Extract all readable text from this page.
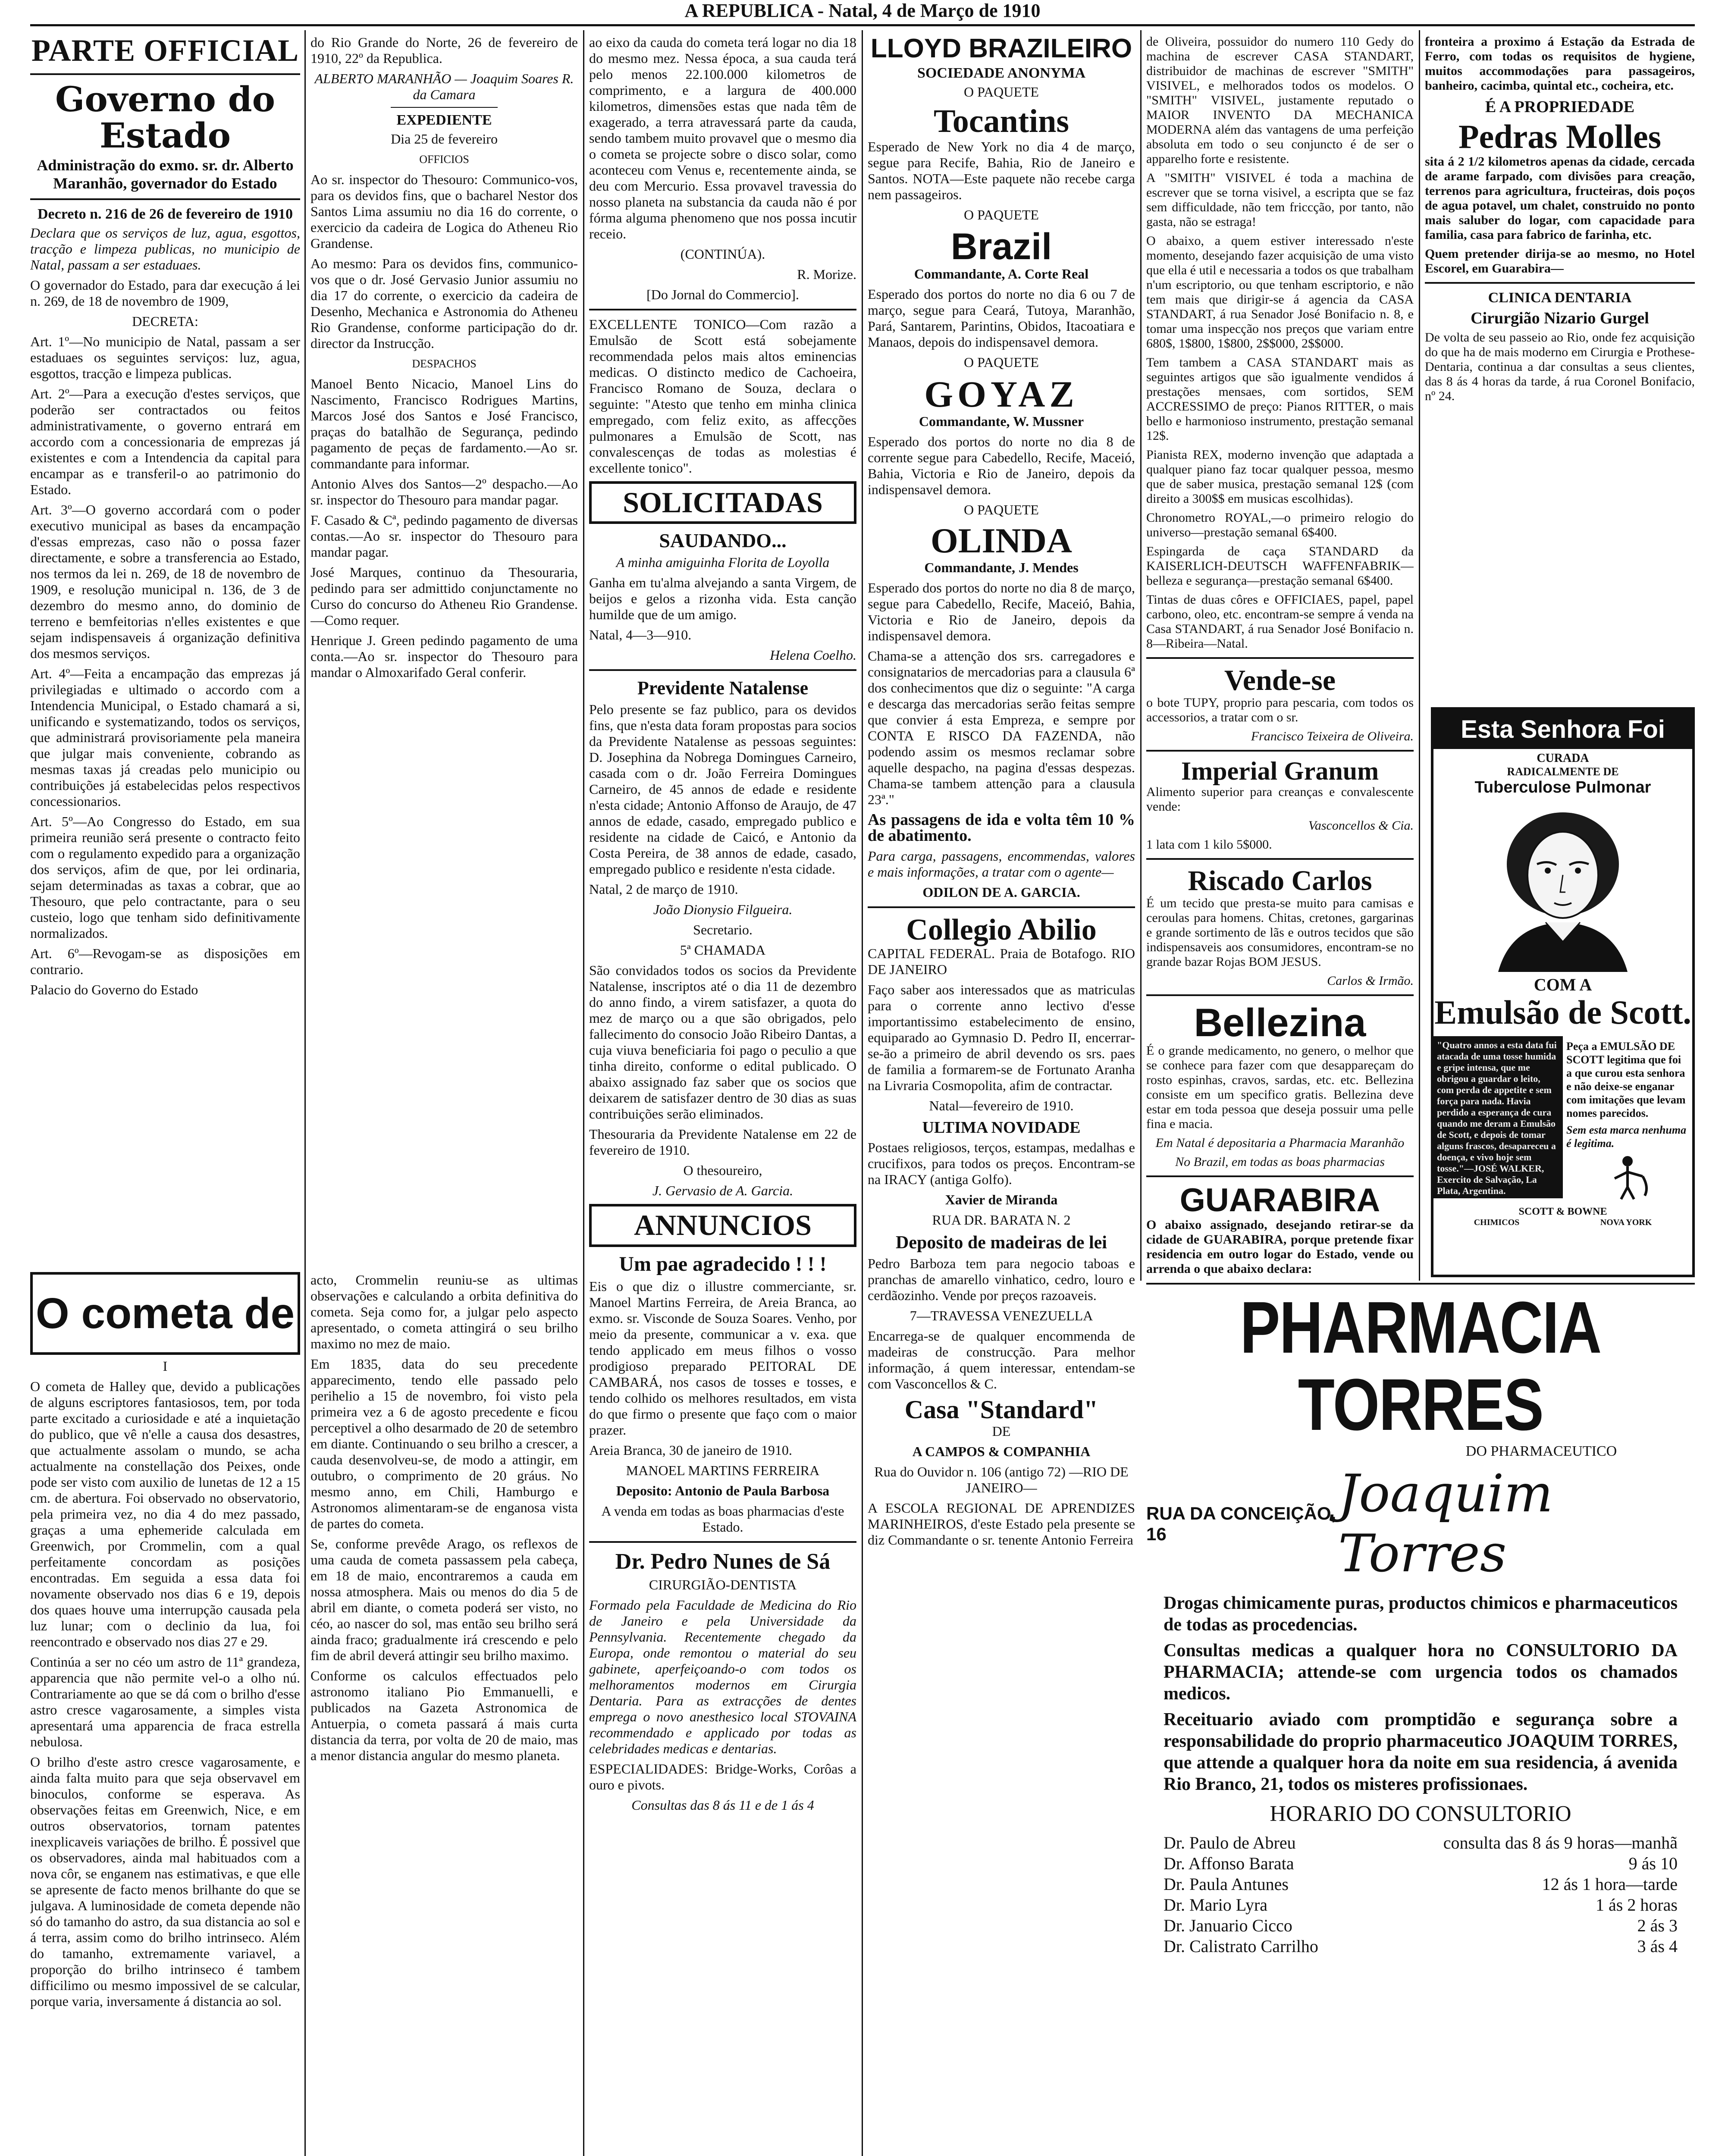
A REPUBLICA - Natal, 4 de Março de 1910
PARTE OFFICIAL
Governo do Estado
Administração do exmo. sr. dr. Alberto Maranhão, governador do Estado
Decreto n. 216 de 26 de fevereiro de 1910

Declara que os serviços de luz, agua, esgottos, tracção e limpeza publicas, no municipio de Natal, passam a ser estaduaes.

O governador do Estado, para dar execução á lei n. 269, de 18 de novembro de 1909,

DECRETA:

Art. 1º—No municipio de Natal, passam a ser estaduaes os seguintes serviços: luz, agua, esgottos, tracção e limpeza publicas.

Art. 2º—Para a execução d'estes serviços, que poderão ser contractados ou feitos administrativamente, o governo entrará em accordo com a concessionaria de emprezas já existentes e com a Intendencia da capital para encampar as e transferil-o ao patrimonio do Estado.

Art. 3º—O governo accordará com o poder executivo municipal as bases da encampação d'essas emprezas, caso não o possa fazer directamente, e sobre a transferencia ao Estado, nos termos da lei n. 269, de 18 de novembro de 1909, e resolução municipal n. 136, de 3 de dezembro do mesmo anno, do dominio de terreno e bemfeitorias n'elles existentes e que sejam indispensaveis á organização definitiva dos mesmos serviços.

Art. 4º—Feita a encampação das emprezas já privilegiadas e ultimado o accordo com a Intendencia Municipal, o Estado chamará a si, unificando e systematizando, todos os serviços, que administrará provisoriamente pela maneira que julgar mais conveniente, cobrando as mesmas taxas já creadas pelo municipio ou contribuições já estabelecidas pelos respectivos concessionarios.

Art. 5º—Ao Congresso do Estado, em sua primeira reunião será presente o contracto feito com o regulamento expedido para a organização dos serviços, afim de que, por lei ordinaria, sejam determinadas as taxas a cobrar, que ao Thesouro, que pelo contractante, para o seu custeio, logo que tenham sido definitivamente normalizados.

Art. 6º—Revogam-se as disposições em contrario.

Palacio do Governo do Estado

O cometa de

I

O cometa de Halley que, devido a publicações de alguns escriptores fantasiosos, tem, por toda parte excitado a curiosidade e até a inquietação do publico, que vê n'elle a causa dos desastres, que actualmente assolam o mundo, se acha actualmente na constellação dos Peixes, onde pode ser visto com auxilio de lunetas de 12 a 15 cm. de abertura. Foi observado no observatorio, pela primeira vez, no dia 4 do mez passado, graças a uma ephemeride calculada em Greenwich, por Crommelin, com a qual perfeitamente concordam as posições encontradas. Em seguida a essa data foi novamente observado nos dias 6 e 19, depois dos quaes houve uma interrupção causada pela luz lunar; com o declinio da lua, foi reencontrado e observado nos dias 27 e 29.

Continúa a ser no céo um astro de 11ª grandeza, apparencia que não permite vel-o a olho nú. Contrariamente ao que se dá com o brilho d'esse astro cresce vagarosamente, a simples vista apresentará uma apparencia de fraca estrella nebulosa.

O brilho d'este astro cresce vagarosamente, e ainda falta muito para que seja observavel em binoculos, conforme se esperava. As observações feitas em Greenwich, Nice, e em outros observatorios, tornam patentes inexplicaveis variações de brilho. É possivel que os observadores, ainda mal habituados com a nova côr, se enganem nas estimativas, e que elle se apresente de facto menos brilhante do que se julgava. A luminosidade de cometa depende não só do tamanho do astro, da sua distancia ao sol e á terra, assim como do brilho intrinseco. Além do tamanho, extremamente variavel, a proporção do brilho intrinseco é tambem difficilimo ou mesmo impossivel de se calcular, porque varia, inversamente á distancia ao sol.

do Rio Grande do Norte, 26 de fevereiro de 1910, 22º da Republica.

ALBERTO MARANHÃO — Joaquim Soares R. da Camara

EXPEDIENTE

Dia 25 de fevereiro

OFFICIOS

Ao sr. inspector do Thesouro: Communico-vos, para os devidos fins, que o bacharel Nestor dos Santos Lima assumiu no dia 16 do corrente, o exercicio da cadeira de Logica do Atheneu Rio Grandense.

Ao mesmo: Para os devidos fins, communico-vos que o dr. José Gervasio Junior assumiu no dia 17 do corrente, o exercicio da cadeira de Desenho, Mechanica e Astronomia do Atheneu Rio Grandense, conforme participação do dr. director da Instrucção.

DESPACHOS

Manoel Bento Nicacio, Manoel Lins do Nascimento, Francisco Rodrigues Martins, Marcos José dos Santos e José Francisco, praças do batalhão de Segurança, pedindo pagamento de peças de fardamento.—Ao sr. commandante para informar.

Antonio Alves dos Santos—2º despacho.—Ao sr. inspector do Thesouro para mandar pagar.

F. Casado & Cª, pedindo pagamento de diversas contas.—Ao sr. inspector do Thesouro para mandar pagar.

José Marques, continuo da Thesouraria, pedindo para ser admittido conjunctamente no Curso do concurso do Atheneu Rio Grandense.—Como requer.

Henrique J. Green pedindo pagamento de uma conta.—Ao sr. inspector do Thesouro para mandar o Almoxarifado Geral conferir.

acto, Crommelin reuniu-se as ultimas observações e calculando a orbita definitiva do cometa. Seja como for, a julgar pelo aspecto apresentado, o cometa attingirá o seu brilho maximo no mez de maio.

Em 1835, data do seu precedente apparecimento, tendo elle passado pelo perihelio a 15 de novembro, foi visto pela primeira vez a 6 de agosto precedente e ficou perceptivel a olho desarmado de 20 de setembro em diante. Continuando o seu brilho a crescer, a cauda desenvolveu-se, de modo a attingir, em outubro, o comprimento de 20 gráus. No mesmo anno, em Chili, Hamburgo e Astronomos alimentaram-se de enganosa vista de partes do cometa.

Se, conforme prevêde Arago, os reflexos de uma cauda de cometa passassem pela cabeça, em 18 de maio, encontraremos a cauda em nossa atmosphera. Mais ou menos do dia 5 de abril em diante, o cometa poderá ser visto, no céo, ao nascer do sol, mas então seu brilho será ainda fraco; gradualmente irá crescendo e pelo fim de abril deverá attingir seu brilho maximo.

Conforme os calculos effectuados pelo astronomo italiano Pio Emmanuelli, e publicados na Gazeta Astronomica de Antuerpia, o cometa passará á mais curta distancia da terra, por volta de 20 de maio, mas a menor distancia angular do mesmo planeta.

ao eixo da cauda do cometa terá logar no dia 18 do mesmo mez. Nessa época, a sua cauda terá pelo menos 22.100.000 kilometros de comprimento, e a largura de 400.000 kilometros, dimensões estas que nada têm de exagerado, a terra atravessará parte da cauda, sendo tambem muito provavel que o mesmo dia o cometa se projecte sobre o disco solar, como aconteceu com Venus e, recentemente ainda, se deu com Mercurio. Essa provavel travessia do nosso planeta na substancia da cauda não é por fórma alguma phenomeno que nos possa incutir receio.

(CONTINÚA).

R. Morize.

[Do Jornal do Commercio].

EXCELLENTE TONICO—Com razão a Emulsão de Scott está sobejamente recommendada pelos mais altos eminencias medicas. O distincto medico de Cachoeira, Francisco Romano de Souza, declara o seguinte: "Atesto que tenho em minha clinica empregado, com feliz exito, as affecções pulmonares a Emulsão de Scott, nas convalescenças de todas as molestias é excellente tonico".

SOLICITADAS
SAUDANDO...

A minha amiguinha Florita de Loyolla

Ganha em tu'alma alvejando a santa Virgem, de beijos e gelos a rizonha vida. Esta canção humilde que de um amigo.

Natal, 4—3—910.

Helena Coelho.

Previdente Natalense

Pelo presente se faz publico, para os devidos fins, que n'esta data foram propostas para socios da Previdente Natalense as pessoas seguintes: D. Josephina da Nobrega Domingues Carneiro, casada com o dr. João Ferreira Domingues Carneiro, de 45 annos de edade e residente n'esta cidade; Antonio Affonso de Araujo, de 47 annos de edade, casado, empregado publico e residente na cidade de Caicó, e Antonio da Costa Pereira, de 38 annos de edade, casado, empregado publico e residente n'esta cidade.

Natal, 2 de março de 1910.

João Dionysio Filgueira.

Secretario.

5ª CHAMADA

São convidados todos os socios da Previdente Natalense, inscriptos até o dia 11 de dezembro do anno findo, a virem satisfazer, a quota do mez de março ou a que são obrigados, pelo fallecimento do consocio João Ribeiro Dantas, a cuja viuva beneficiaria foi pago o peculio a que tinha direito, conforme o edital publicado. O abaixo assignado faz saber que os socios que deixarem de satisfazer dentro de 30 dias as suas contribuições serão eliminados.

Thesouraria da Previdente Natalense em 22 de fevereiro de 1910.

O thesoureiro,

J. Gervasio de A. Garcia.

ANNUNCIOS
Um pae agradecido ! ! !

Eis o que diz o illustre commerciante, sr. Manoel Martins Ferreira, de Areia Branca, ao exmo. sr. Visconde de Souza Soares. Venho, por meio da presente, communicar a v. exa. que tendo applicado em meus filhos o vosso prodigioso preparado PEITORAL DE CAMBARÁ, nos casos de tosses e tosses, e tendo colhido os melhores resultados, em vista do que firmo o presente que faço com o maior prazer.

Areia Branca, 30 de janeiro de 1910.

MANOEL MARTINS FERREIRA

Deposito: Antonio de Paula Barbosa

A venda em todas as boas pharmacias d'este Estado.

Dr. Pedro Nunes de Sá

CIRURGIÃO-DENTISTA

Formado pela Faculdade de Medicina do Rio de Janeiro e pela Universidade da Pennsylvania. Recentemente chegado da Europa, onde remontou o material do seu gabinete, aperfeiçoando-o com todos os melhoramentos modernos em Cirurgia Dentaria. Para as extracções de dentes emprega o novo anesthesico local STOVAINA recommendado e applicado por todas as celebridades medicas e dentarias.

ESPECIALIDADES: Bridge-Works, Corôas a ouro e pivots.

Consultas das 8 ás 11 e de 1 ás 4

LLOYD BRAZILEIRO
SOCIEDADE ANONYMA

O PAQUETE

Tocantins

Esperado de New York no dia 4 de março, segue para Recife, Bahia, Rio de Janeiro e Santos. NOTA—Este paquete não recebe carga nem passageiros.

O PAQUETE

Brazil

Commandante, A. Corte Real

Esperado dos portos do norte no dia 6 ou 7 de março, segue para Ceará, Tutoya, Maranhão, Pará, Santarem, Parintins, Obidos, Itacoatiara e Manaos, depois do indispensavel demora.

O PAQUETE

GOYAZ

Commandante, W. Mussner

Esperado dos portos do norte no dia 8 de corrente segue para Cabedello, Recife, Maceió, Bahia, Victoria e Rio de Janeiro, depois da indispensavel demora.

O PAQUETE

OLINDA

Commandante, J. Mendes

Esperado dos portos do norte no dia 8 de março, segue para Cabedello, Recife, Maceió, Bahia, Victoria e Rio de Janeiro, depois da indispensavel demora.

Chama-se a attenção dos srs. carregadores e consignatarios de mercadorias para a clausula 6ª dos conhecimentos que diz o seguinte: "A carga e descarga das mercadorias serão feitas sempre que convier á esta Empreza, e sempre por CONTA E RISCO DA FAZENDA, não podendo assim os mesmos reclamar sobre aquelle despacho, na pagina d'essas despezas. Chama-se tambem attenção para a clausula 23ª."

As passagens de ida e volta têm 10 % de abatimento.

Para carga, passagens, encommendas, valores e mais informações, a tratar com o agente—

ODILON DE A. GARCIA.

Collegio Abilio

CAPITAL FEDERAL. Praia de Botafogo. RIO DE JANEIRO

Faço saber aos interessados que as matriculas para o corrente anno lectivo d'esse importantissimo estabelecimento de ensino, equiparado ao Gymnasio D. Pedro II, encerrar-se-ão a primeiro de abril devendo os srs. paes de familia a formarem-se de Fortunato Aranha na Livraria Cosmopolita, afim de contractar.

Natal—fevereiro de 1910.

ULTIMA NOVIDADE

Postaes religiosos, terços, estampas, medalhas e crucifixos, para todos os preços. Encontram-se na IRACY (antiga Golfo).

Xavier de Miranda

RUA DR. BARATA N. 2

Deposito de madeiras de lei

Pedro Barboza tem para negocio taboas e pranchas de amarello vinhatico, cedro, louro e cerdãozinho. Vende por preços razoaveis.

7—TRAVESSA VENEZUELLA

Encarrega-se de qualquer encommenda de madeiras de construcção. Para melhor informação, á quem interessar, entendam-se com Vasconcellos & C.

Casa "Standard"

DE

A CAMPOS & COMPANHIA

Rua do Ouvidor n. 106 (antigo 72) —RIO DE JANEIRO—

A ESCOLA REGIONAL DE APRENDIZES MARINHEIROS, d'este Estado pela presente se diz Commandante o sr. tenente Antonio Ferreira

de Oliveira, possuidor do numero 110 Gedy do machina de escrever CASA STANDART, distribuidor de machinas de escrever "SMITH" VISIVEL, e melhorados todos os modelos. O "SMITH" VISIVEL, justamente reputado o MAIOR INVENTO DA MECHANICA MODERNA além das vantagens de uma perfeição absoluta em todo o seu conjuncto é de ser o apparelho forte e resistente.

A "SMITH" VISIVEL é toda a machina de escrever que se torna visivel, a escripta que se faz sem difficuldade, não tem friccção, por tanto, não gasta, não se estraga!

O abaixo, a quem estiver interessado n'este momento, desejando fazer acquisição de uma visto que ella é util e necessaria a todos os que trabalham n'um escriptorio, ou que tenham escriptorio, e não tem mais que dirigir-se á agencia da CASA STANDART, á rua Senador José Bonifacio n. 8, e tomar uma inspecção nos preços que variam entre 680$, 1$800, 1$800, 2$$000, 2$$000.

Tem tambem a CASA STANDART mais as seguintes artigos que são igualmente vendidos á prestações mensaes, com sortidos, SEM ACCRESSIMO de preço: Pianos RITTER, o mais bello e harmonioso instrumento, prestação semanal 12$.

Pianista REX, moderno invenção que adaptada a qualquer piano faz tocar qualquer pessoa, mesmo que de saber musica, prestação semanal 12$ (com direito a 300$$ em musicas escolhidas).

Chronometro ROYAL,—o primeiro relogio do universo—prestação semanal 6$400.

Espingarda de caça STANDARD da KAISERLICH-DEUTSCH WAFFENFABRIK—belleza e segurança—prestação semanal 6$400.

Tintas de duas côres e OFFICIAES, papel, papel carbono, oleo, etc. encontram-se sempre á venda na Casa STANDART, á rua Senador José Bonifacio n. 8—Ribeira—Natal.

Vende-se

o bote TUPY, proprio para pescaria, com todos os accessorios, a tratar com o sr.

Francisco Teixeira de Oliveira.

Imperial Granum

Alimento superior para creanças e convalescente vende:

Vasconcellos & Cia.

1 lata com 1 kilo 5$000.

Riscado Carlos

É um tecido que presta-se muito para camisas e ceroulas para homens. Chitas, cretones, gargarinas e grande sortimento de lãs e outros tecidos que são indispensaveis aos consumidores, encontram-se no grande bazar Rojas BOM JESUS.

Carlos & Irmão.

Bellezina

É o grande medicamento, no genero, o melhor que se conhece para fazer com que desappareçam do rosto espinhas, cravos, sardas, etc. etc. Bellezina consiste em um specifico gratis. Bellezina deve estar em toda pessoa que deseja possuir uma pelle fina e macia.

Em Natal é depositaria a Pharmacia Maranhão

No Brazil, em todas as boas pharmacias

GUARABIRA

O abaixo assignado, desejando retirar-se da cidade de GUARABIRA, porque pretende fixar residencia em outro logar do Estado, vende ou arrenda o que abaixo declara:

fronteira a proximo á Estação da Estrada de Ferro, com todas os requisitos de hygiene, muitos accommodações para passageiros, banheiro, cacimba, quintal etc., cocheira, etc.

É A PROPRIEDADE
Pedras Molles

sita á 2 1/2 kilometros apenas da cidade, cercada de arame farpado, com divisões para creação, terrenos para agricultura, fructeiras, dois poços de agua potavel, um chalet, construido no ponto mais saluber do logar, com capacidade para familia, casa para fabrico de farinha, etc.

Quem pretender dirija-se ao mesmo, no Hotel Escorel, em Guarabira—

CLINICA DENTARIA
Cirurgião Nizario Gurgel

De volta de seu passeio ao Rio, onde fez acquisição do que ha de mais moderno em Cirurgia e Prothese-Dentaria, continua a dar consultas a seus clientes, das 8 ás 4 horas da tarde, á rua Coronel Bonifacio, nº 24.

Esta Senhora Foi
CURADA
RADICALMENTE DE
Tuberculose Pulmonar
COM A
Emulsão de Scott.
"Quatro annos a esta data fui atacada de uma tosse humida e gripe intensa, que me obrigou a guardar o leito, com perda de appetite e sem força para nada. Havia perdido a esperança de cura quando me deram a Emulsão de Scott, e depois de tomar alguns frascos, desapareceu a doença, e vivo hoje sem tosse."—JOSÉ WALKER, Exercito de Salvação, La Plata, Argentina.
Peça a EMULSÃO DE SCOTT legitima que foi a que curou esta senhora e não deixe-se enganar com imitações que levam nomes parecidos.
Sem esta marca nenhuma é legitima.
SCOTT & BOWNE
CHIMICOS	NOVA YORK
PHARMACIA TORRES
DO PHARMACEUTICO
RUA DA CONCEIÇÃO, 16
Joaquim Torres

Drogas chimicamente puras, productos chimicos e pharmaceuticos de todas as procedencias.

Consultas medicas a qualquer hora no CONSULTORIO DA PHARMACIA; attende-se com urgencia todos os chamados medicos.

Receituario aviado com promptidão e segurança sobre a responsabilidade do proprio pharmaceutico JOAQUIM TORRES, que attende a qualquer hora da noite em sua residencia, á avenida Rio Branco, 21, todos os misteres profissionaes.

HORARIO DO CONSULTORIO
Dr. Paulo de Abreu	consulta das 8 ás 9 horas—manhã
Dr. Affonso Barata	9 ás 10
Dr. Paula Antunes	12 ás 1 hora—tarde
Dr. Mario Lyra	1 ás 2 horas
Dr. Januario Cicco	2 ás 3
Dr. Calistrato Carrilho	3 ás 4
